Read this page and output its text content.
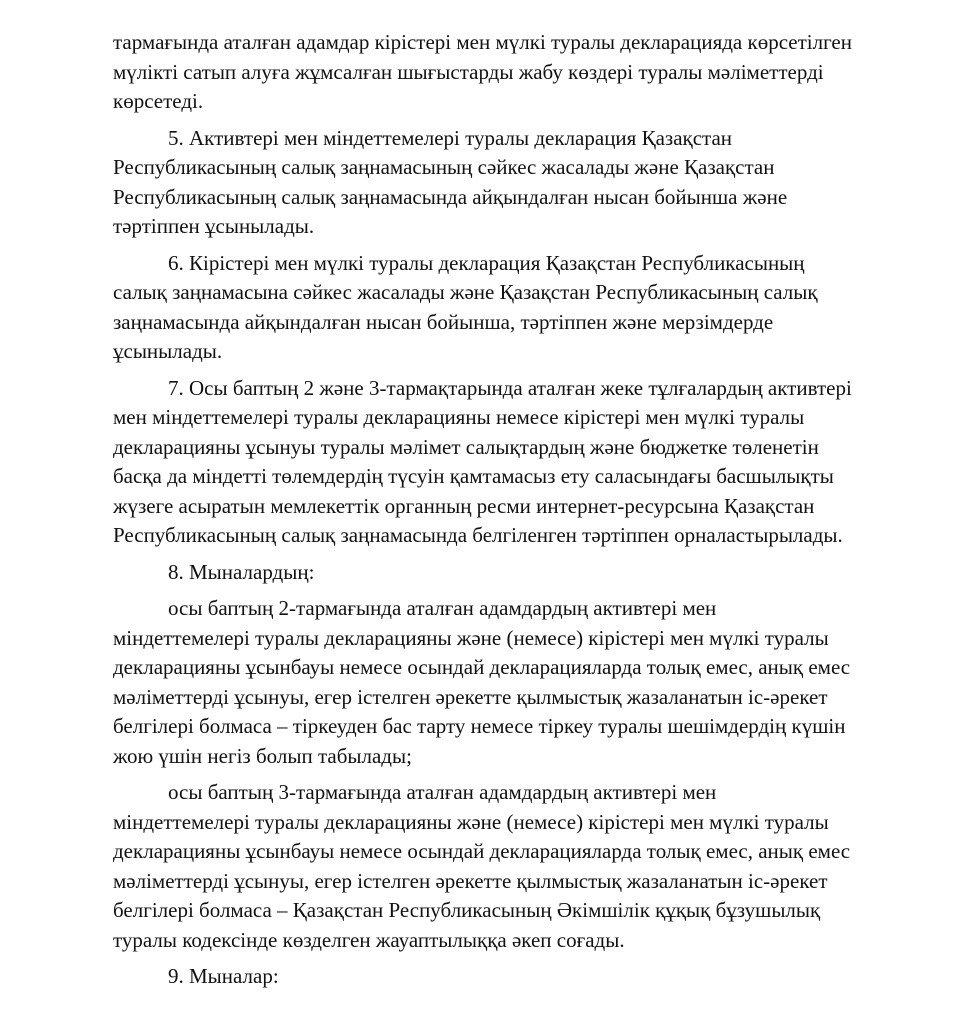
тармағында аталған адамдар кірістері мен мүлкі туралы декларацияда көрсетілген
мүлікті сатып алуға жұмсалған шығыстарды жабу көздері туралы мәліметтерді
көрсетеді.

5. Активтері мен міндеттемелері туралы декларация Қазақстан
Республикасының салық заңнамасының сәйкес жасалады және Қазақстан
Республикасының салық заңнамасында айқындалған нысан бойынша және
тәртіппен ұсынылады.

6. Кірістері мен мүлкі туралы декларация Қазақстан Республикасының
салық заңнамасына сәйкес жасалады және Қазақстан Республикасының салық
заңнамасында айқындалған нысан бойынша, тәртіппен және мерзімдерде
ұсынылады.

7. Осы баптың 2 және 3-тармақтарында аталған жеке тұлғалардың активтері
мен міндеттемелері туралы декларацияны немесе кірістері мен мүлкі туралы
декларацияны ұсынуы туралы мәлімет салықтардың және бюджетке төленетін
басқа да міндетті төлемдердің түсуін қамтамасыз ету саласындағы басшылықты
жүзеге асыратын мемлекеттік органның ресми интернет-ресурсына Қазақстан
Республикасының салық заңнамасында белгіленген тәртіппен орналастырылады.

8. Мыналардың:

осы баптың 2-тармағында аталған адамдардың активтері мен
міндеттемелері туралы декларацияны және (немесе) кірістері мен мүлкі туралы
декларацияны ұсынбауы немесе осындай декларацияларда толық емес, анық емес
мәліметтерді ұсынуы, егер істелген әрекетте қылмыстық жазаланатын іс-әрекет
белгілері болмаса – тіркеуден бас тарту немесе тіркеу туралы шешімдердің күшін
жою үшін негіз болып табылады;

осы баптың 3-тармағында аталған адамдардың активтері мен
міндеттемелері туралы декларацияны және (немесе) кірістері мен мүлкі туралы
декларацияны ұсынбауы немесе осындай декларацияларда толық емес, анық емес
мәліметтерді ұсынуы, егер істелген әрекетте қылмыстық жазаланатын іс-әрекет
белгілері болмаса – Қазақстан Республикасының Әкімшілік құқық бұзушылық
туралы кодексінде көзделген жауаптылыққа әкеп соғады.

9. Мыналар:
